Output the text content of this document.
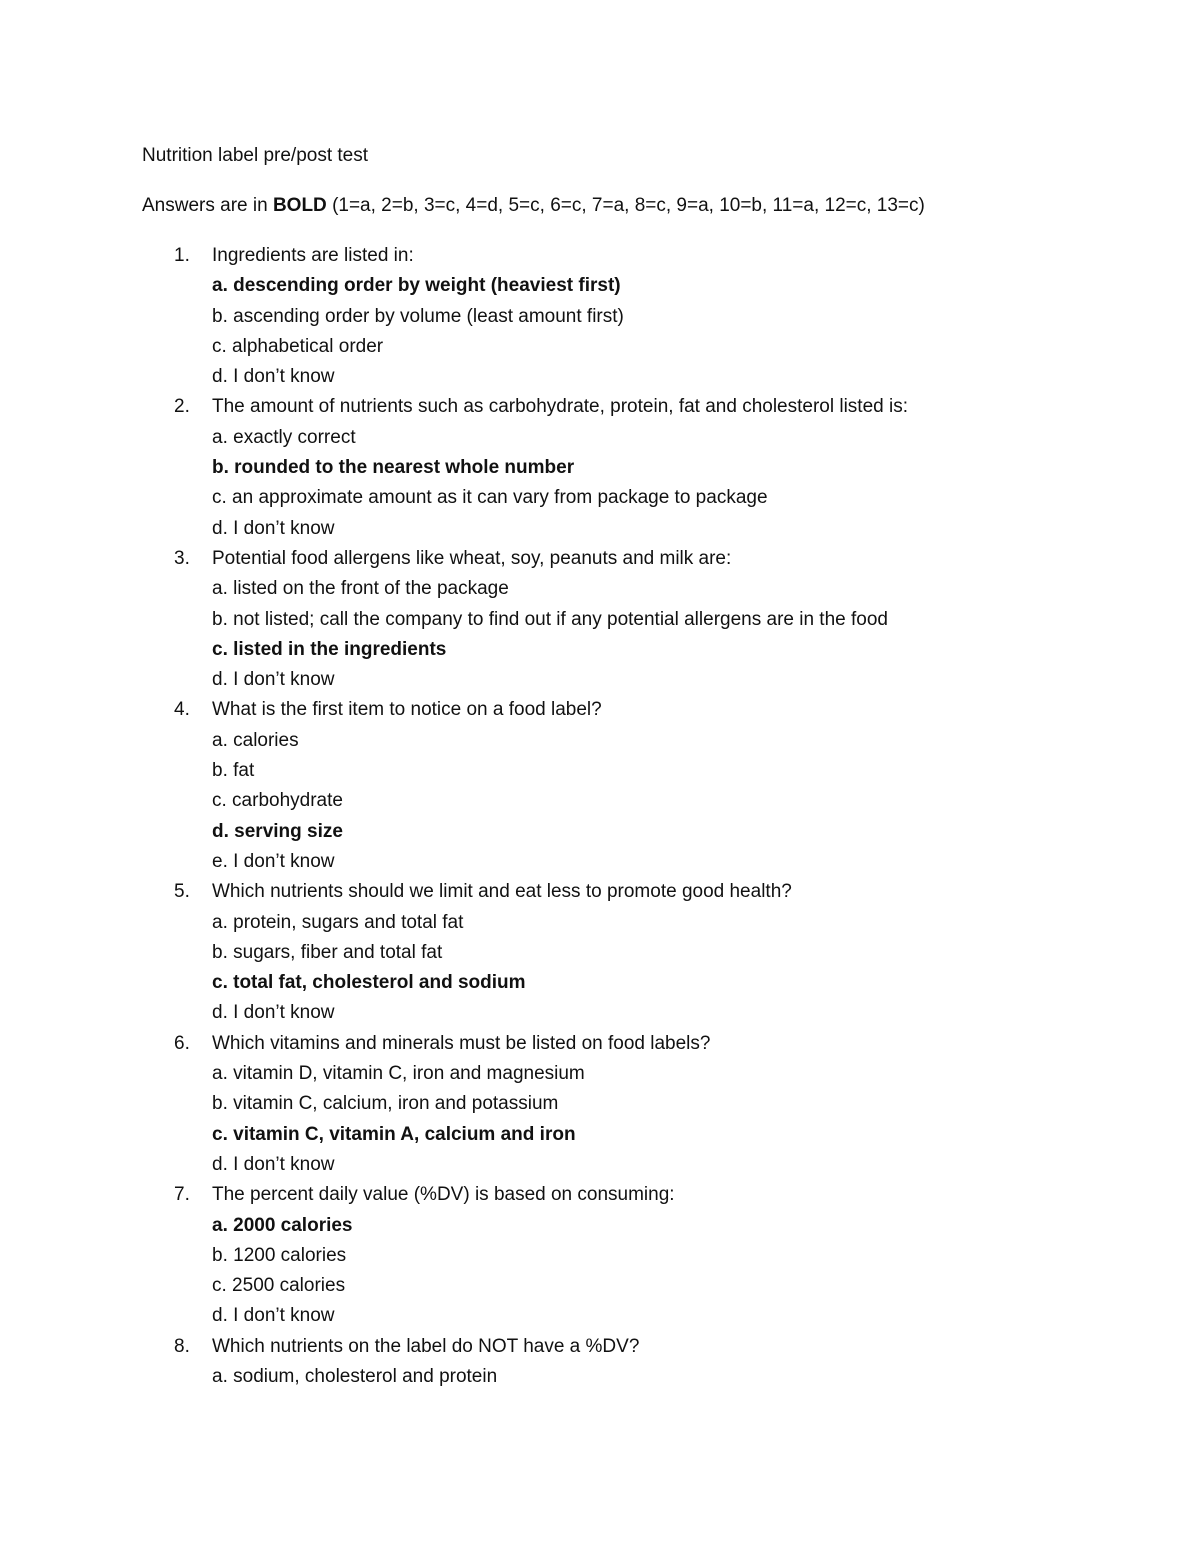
Nutrition label pre/post test
Answers are in BOLD (1=a, 2=b, 3=c, 4=d, 5=c, 6=c, 7=a, 8=c, 9=a, 10=b, 11=a, 12=c, 13=c)
1. Ingredients are listed in:
a. descending order by weight (heaviest first)
b. ascending order by volume (least amount first)
c. alphabetical order
d. I don’t know
2. The amount of nutrients such as carbohydrate, protein, fat and cholesterol listed is:
a. exactly correct
b. rounded to the nearest whole number
c. an approximate amount as it can vary from package to package
d. I don’t know
3. Potential food allergens like wheat, soy, peanuts and milk are:
a. listed on the front of the package
b. not listed; call the company to find out if any potential allergens are in the food
c. listed in the ingredients
d. I don’t know
4. What is the first item to notice on a food label?
a. calories
b. fat
c. carbohydrate
d. serving size
e. I don’t know
5. Which nutrients should we limit and eat less to promote good health?
a. protein, sugars and total fat
b. sugars, fiber and total fat
c. total fat, cholesterol and sodium
d. I don’t know
6. Which vitamins and minerals must be listed on food labels?
a. vitamin D, vitamin C, iron and magnesium
b. vitamin C, calcium, iron and potassium
c. vitamin C, vitamin A, calcium and iron
d. I don’t know
7. The percent daily value (%DV) is based on consuming:
a. 2000 calories
b. 1200 calories
c. 2500 calories
d. I don’t know
8. Which nutrients on the label do NOT have a %DV?
a. sodium, cholesterol and protein
